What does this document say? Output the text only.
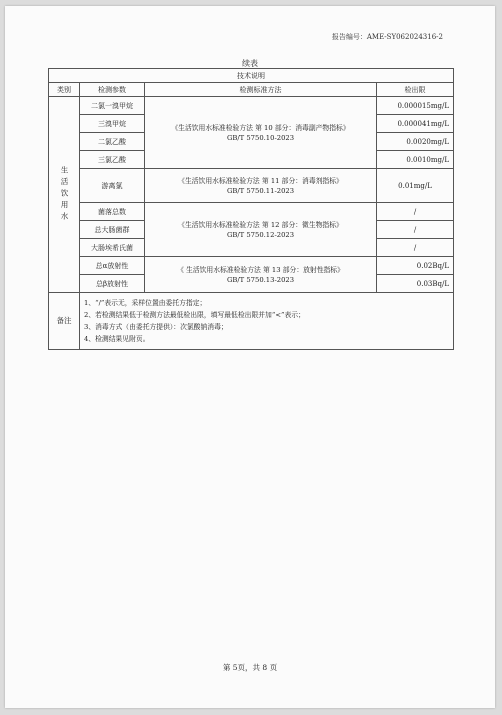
报告编号：AME-SY062024316-2
续表
技术说明			
类别	检测参数	检测标准方法	检出限
生活饮用水	二氯一溴甲烷	《生活饮用水标准检验方法 第 10 部分：消毒副产物指标》
GB/T 5750.10-2023	0.000015mg/L
	三溴甲烷		0.000041mg/L
	二氯乙酸		0.0020mg/L
	三氯乙酸		0.0010mg/L
	游离氯	《生活饮用水标准检验方法 第 11 部分：消毒剂指标》
GB/T 5750.11-2023	0.01mg/L
	菌落总数	《生活饮用水标准检验方法 第 12 部分：微生物指标》
GB/T 5750.12-2023	/
	总大肠菌群		/
	大肠埃希氏菌		/
	总α放射性	《 生活饮用水标准检验方法 第 13 部分：放射性指标》
GB/T 5750.13-2023	0.02Bq/L
	总β放射性		0.03Bq/L
备注	1、“/”表示无，采样位置由委托方指定；
2、若检测结果低于检测方法最低检出限，填写最低检出限并加“<”表示；
3、消毒方式（由委托方提供）：次氯酸钠消毒；
4、检测结果见附页。		
第 5页，共 8 页
